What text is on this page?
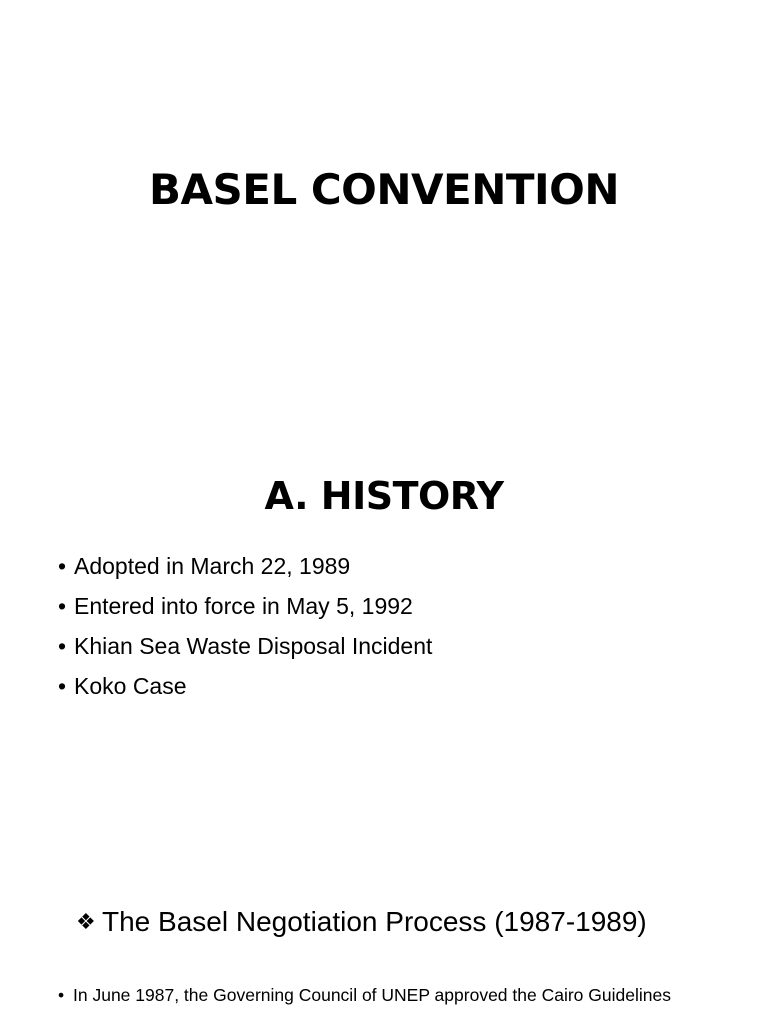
BASEL CONVENTION
A. HISTORY
• Adopted in March 22, 1989
• Entered into force in May 5, 1992
• Khian Sea Waste Disposal Incident
• Koko Case
❖ The Basel Negotiation Process (1987-1989)
• In June 1987, the Governing Council of UNEP approved the Cairo Guidelines
